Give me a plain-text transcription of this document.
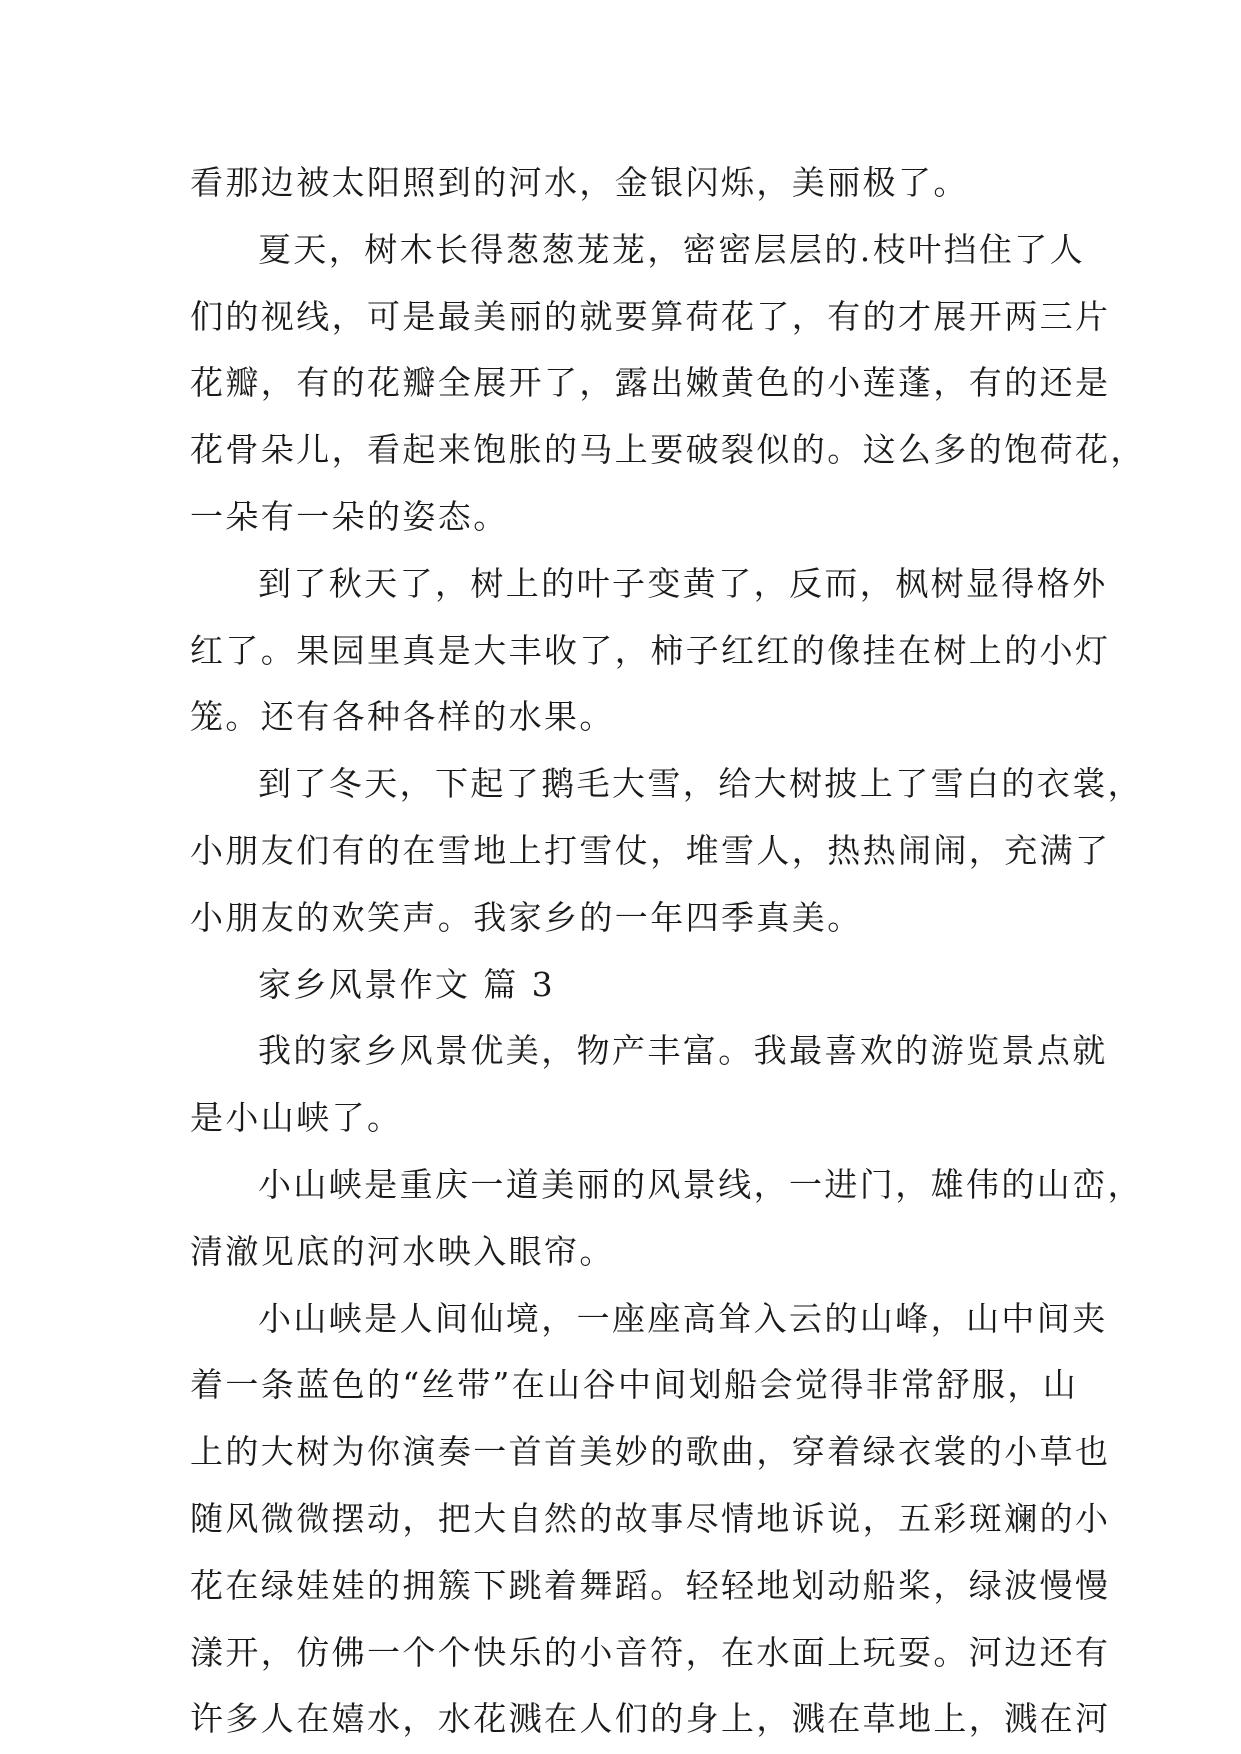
看那边被太阳照到的河水，金银闪烁，美丽极了。

夏天，树木长得葱葱茏茏，密密层层的.枝叶挡住了人
们的视线，可是最美丽的就要算荷花了，有的才展开两三片
花瓣，有的花瓣全展开了，露出嫩黄色的小莲蓬，有的还是
花骨朵儿，看起来饱胀的马上要破裂似的。这么多的饱荷花，
一朵有一朵的姿态。

到了秋天了，树上的叶子变黄了，反而，枫树显得格外
红了。果园里真是大丰收了，柿子红红的像挂在树上的小灯
笼。还有各种各样的水果。

到了冬天，下起了鹅毛大雪，给大树披上了雪白的衣裳，
小朋友们有的在雪地上打雪仗，堆雪人，热热闹闹，充满了
小朋友的欢笑声。我家乡的一年四季真美。

家乡风景作文 篇 3

我的家乡风景优美，物产丰富。我最喜欢的游览景点就
是小山峡了。

小山峡是重庆一道美丽的风景线，一进门，雄伟的山峦，
清澈见底的河水映入眼帘。

小山峡是人间仙境，一座座高耸入云的山峰，山中间夹
着一条蓝色的“丝带”在山谷中间划船会觉得非常舒服，山
上的大树为你演奏一首首美妙的歌曲，穿着绿衣裳的小草也
随风微微摆动，把大自然的故事尽情地诉说，五彩斑斓的小
花在绿娃娃的拥簇下跳着舞蹈。轻轻地划动船桨，绿波慢慢
漾开，仿佛一个个快乐的小音符，在水面上玩耍。河边还有
许多人在嬉水，水花溅在人们的身上，溅在草地上，溅在河
